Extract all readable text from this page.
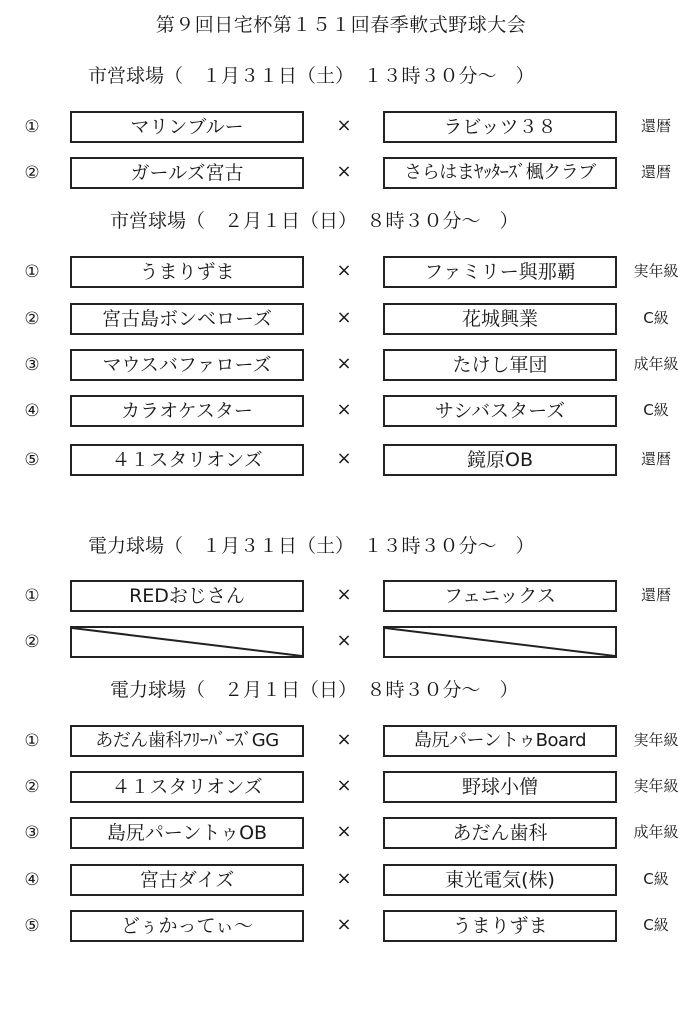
第９回日宅杯第１５１回春季軟式野球大会
市営球場（　１月３１日（土）　１３時３０分～　）
①	マリンブルー	×	ラビッツ３８	還暦
②	ガールズ宮古	×	さらはまﾔｯﾀｰｽﾞ楓クラブ	還暦
市営球場（　２月１日（日）　８時３０分～　）
①	うまりずま	×	ファミリー與那覇	実年級
②	宮古島ボンベローズ	×	花城興業	C級
③	マウスバファローズ	×	たけし軍団	成年級
④	カラオケスター	×	サシバスターズ	C級
⑤	４１スタリオンズ	×	鏡原OB	還暦
電力球場（　１月３１日（土）　１３時３０分～　）
①	REDおじさん	×	フェニックス	還暦
②	×
電力球場（　２月１日（日）　８時３０分～　）
①	あだん歯科ﾌﾘｰﾊﾞｰｽﾞGG	×	島尻パーントゥBoard	実年級
②	４１スタリオンズ	×	野球小僧	実年級
③	島尻パーントゥOB	×	あだん歯科	成年級
④	宮古ダイズ	×	東光電気(株)	C級
⑤	どぅかってぃ～	×	うまりずま	C級
